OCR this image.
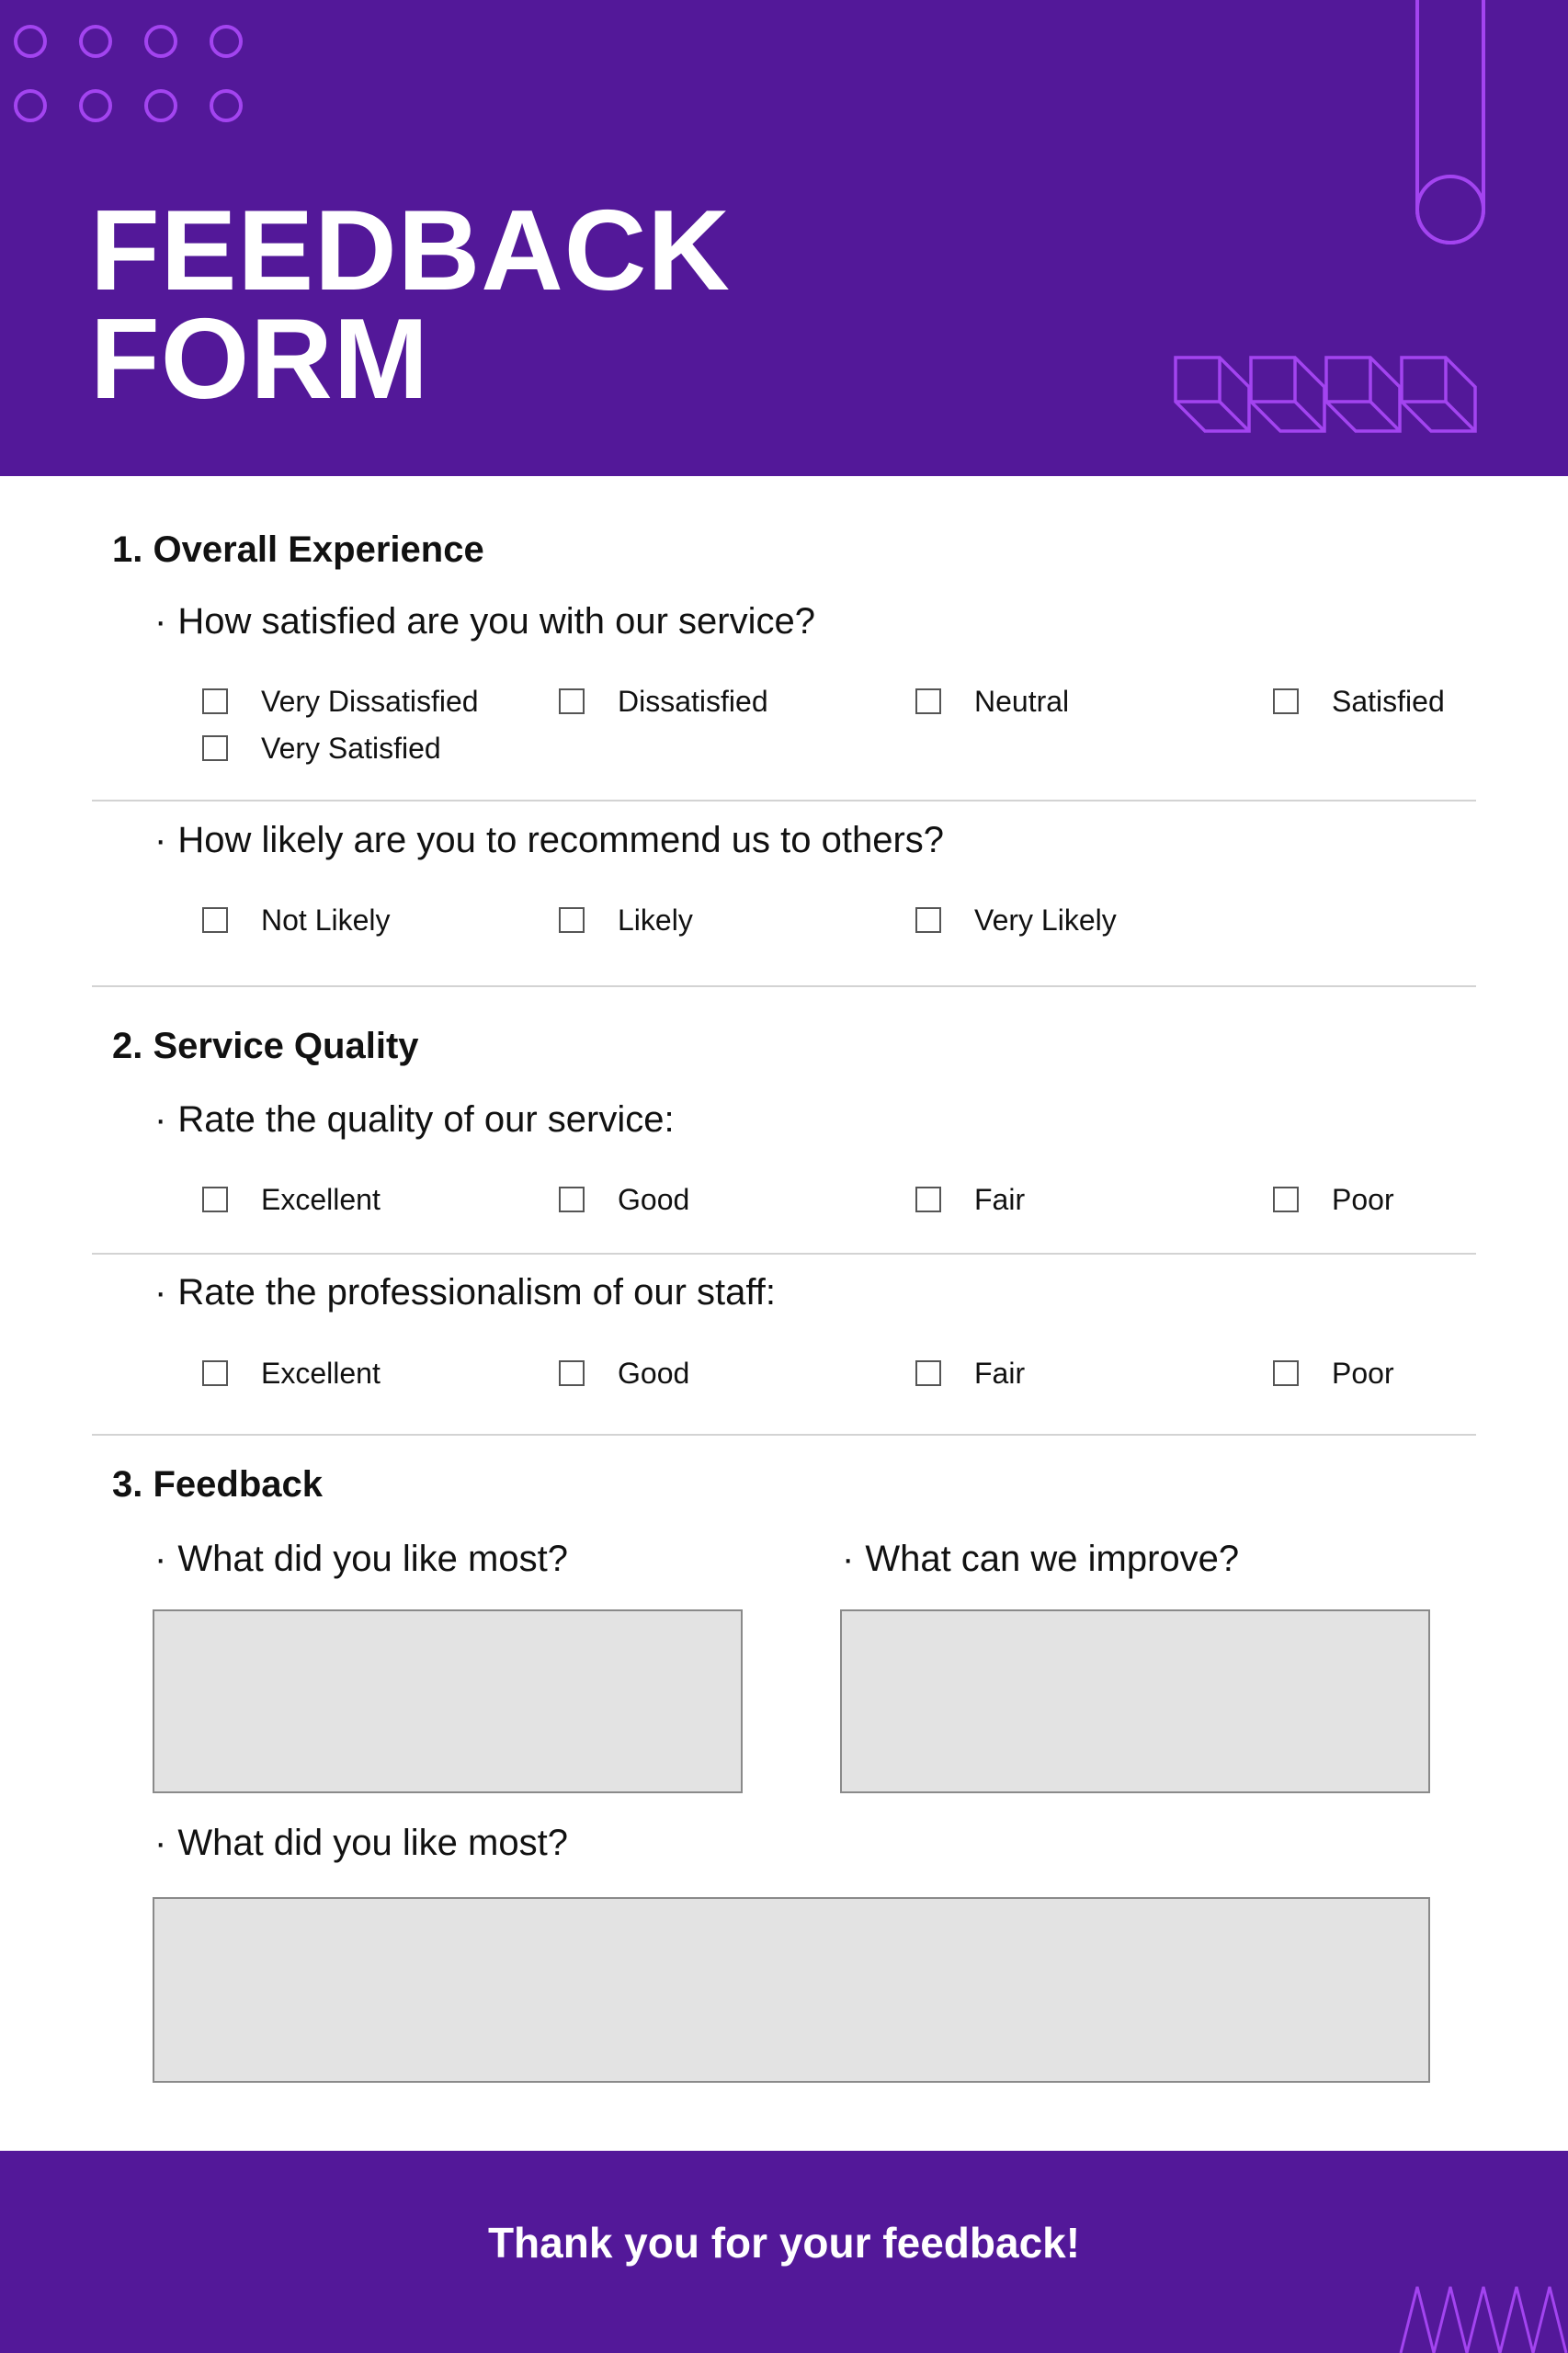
FEEDBACK
FORM
1. Overall Experience

· How satisfied are you with our service?

Very Dissatisfied	Dissatisfied	Neutral	Satisfied
Very Satisfied

· How likely are you to recommend us to others?

Not Likely	Likely	Very Likely
2. Service Quality

· Rate the quality of our service:

Excellent	Good	Fair	Poor

· Rate the professionalism of our staff:

Excellent	Good	Fair	Poor
3. Feedback

· What did you like most?

·	What can we improve?

· What did you like most?

Thank you for your feedback!
